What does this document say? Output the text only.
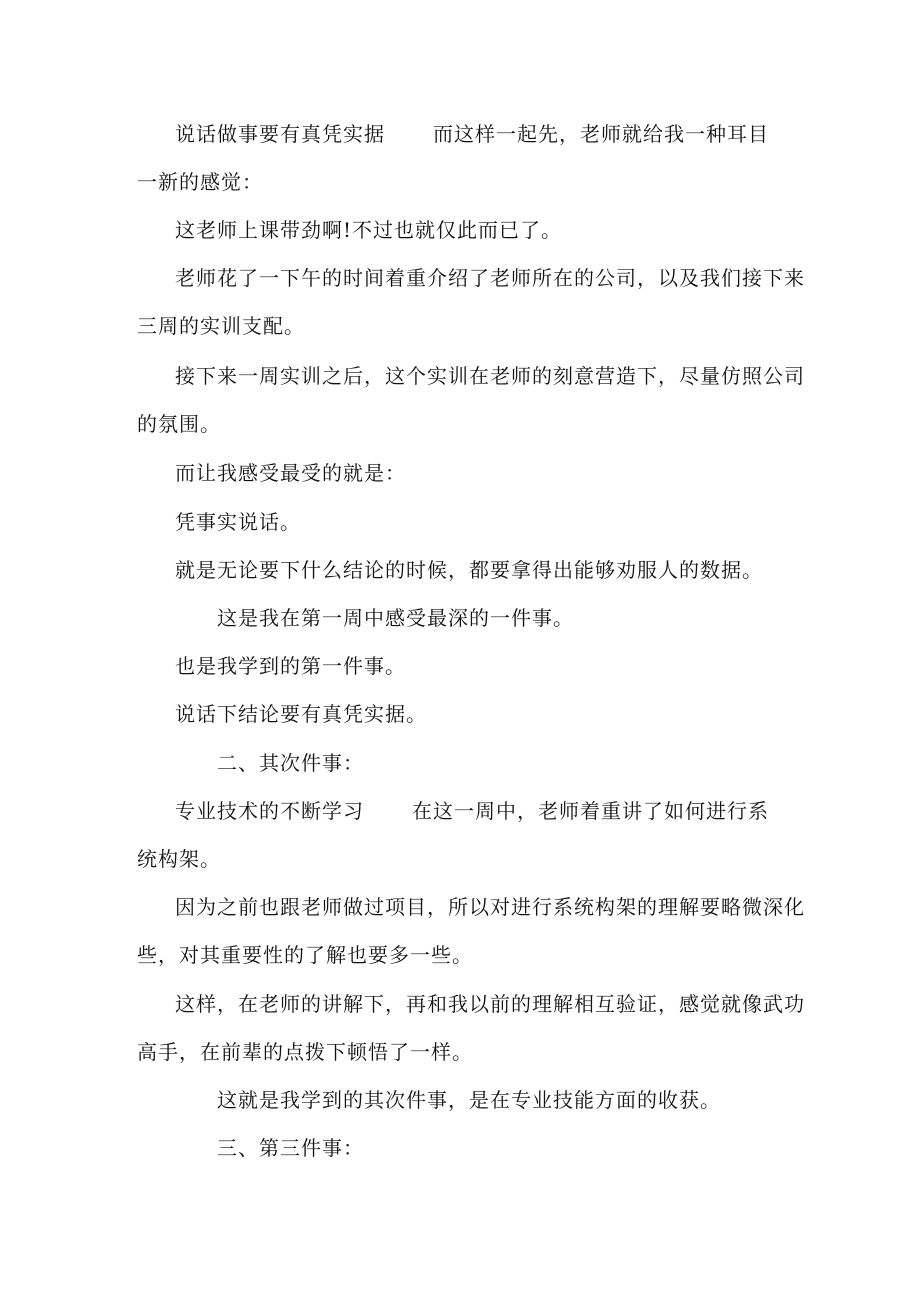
说话做事要有真凭实据 而这样一起先，老师就给我一种耳目
一新的感觉：
这老师上课带劲啊!不过也就仅此而已了。
老师花了一下午的时间着重介绍了老师所在的公司，以及我们接下来
三周的实训支配。
接下来一周实训之后，这个实训在老师的刻意营造下，尽量仿照公司
的氛围。
而让我感受最受的就是：
凭事实说话。
就是无论要下什么结论的时候，都要拿得出能够劝服人的数据。
这是我在第一周中感受最深的一件事。
也是我学到的第一件事。
说话下结论要有真凭实据。
二、其次件事：
专业技术的不断学习 在这一周中，老师着重讲了如何进行系
统构架。
因为之前也跟老师做过项目，所以对进行系统构架的理解要略微深化
些，对其重要性的了解也要多一些。
这样，在老师的讲解下，再和我以前的理解相互验证，感觉就像武功
高手，在前辈的点拨下顿悟了一样。
这就是我学到的其次件事，是在专业技能方面的收获。
三、第三件事：
